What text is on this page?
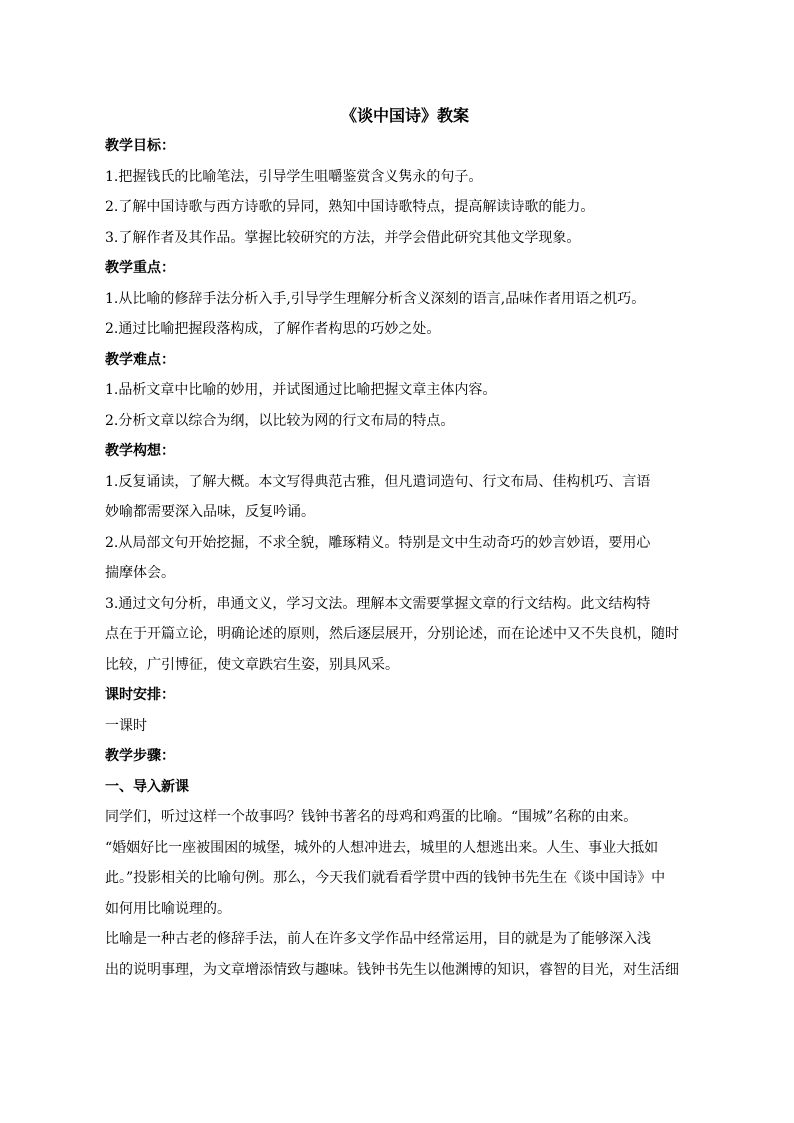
《谈中国诗》教案

教学目标：

1.把握钱氏的比喻笔法，引导学生咀嚼鉴赏含义隽永的句子。

2.了解中国诗歌与西方诗歌的异同，熟知中国诗歌特点，提高解读诗歌的能力。

3.了解作者及其作品。掌握比较研究的方法，并学会借此研究其他文学现象。

教学重点：

1.从比喻的修辞手法分析入手,引导学生理解分析含义深刻的语言,品味作者用语之机巧。

2.通过比喻把握段落构成，了解作者构思的巧妙之处。

教学难点：

1.品析文章中比喻的妙用，并试图通过比喻把握文章主体内容。

2.分析文章以综合为纲，以比较为网的行文布局的特点。

教学构想：

1.反复诵读，了解大概。本文写得典范古雅，但凡遣词造句、行文布局、佳构机巧、言语
妙喻都需要深入品味，反复吟诵。
2.从局部文句开始挖掘，不求全貌，雕琢精义。特别是文中生动奇巧的妙言妙语，要用心
揣摩体会。
3.通过文句分析，串通文义，学习文法。理解本文需要掌握文章的行文结构。此文结构特
点在于开篇立论，明确论述的原则，然后逐层展开，分别论述，而在论述中又不失良机，随时
比较，广引博征，使文章跌宕生姿，别具风采。

课时安排：

一课时

教学步骤：

一、导入新课

同学们，听过这样一个故事吗？钱钟书著名的母鸡和鸡蛋的比喻。“围城”名称的由来。
“婚姻好比一座被围困的城堡，城外的人想冲进去，城里的人想逃出来。人生、事业大抵如
此。”投影相关的比喻句例。那么，今天我们就看看学贯中西的钱钟书先生在《谈中国诗》中
如何用比喻说理的。
比喻是一种古老的修辞手法，前人在许多文学作品中经常运用，目的就是为了能够深入浅
出的说明事理，为文章增添情致与趣味。钱钟书先生以他渊博的知识，睿智的目光，对生活细
